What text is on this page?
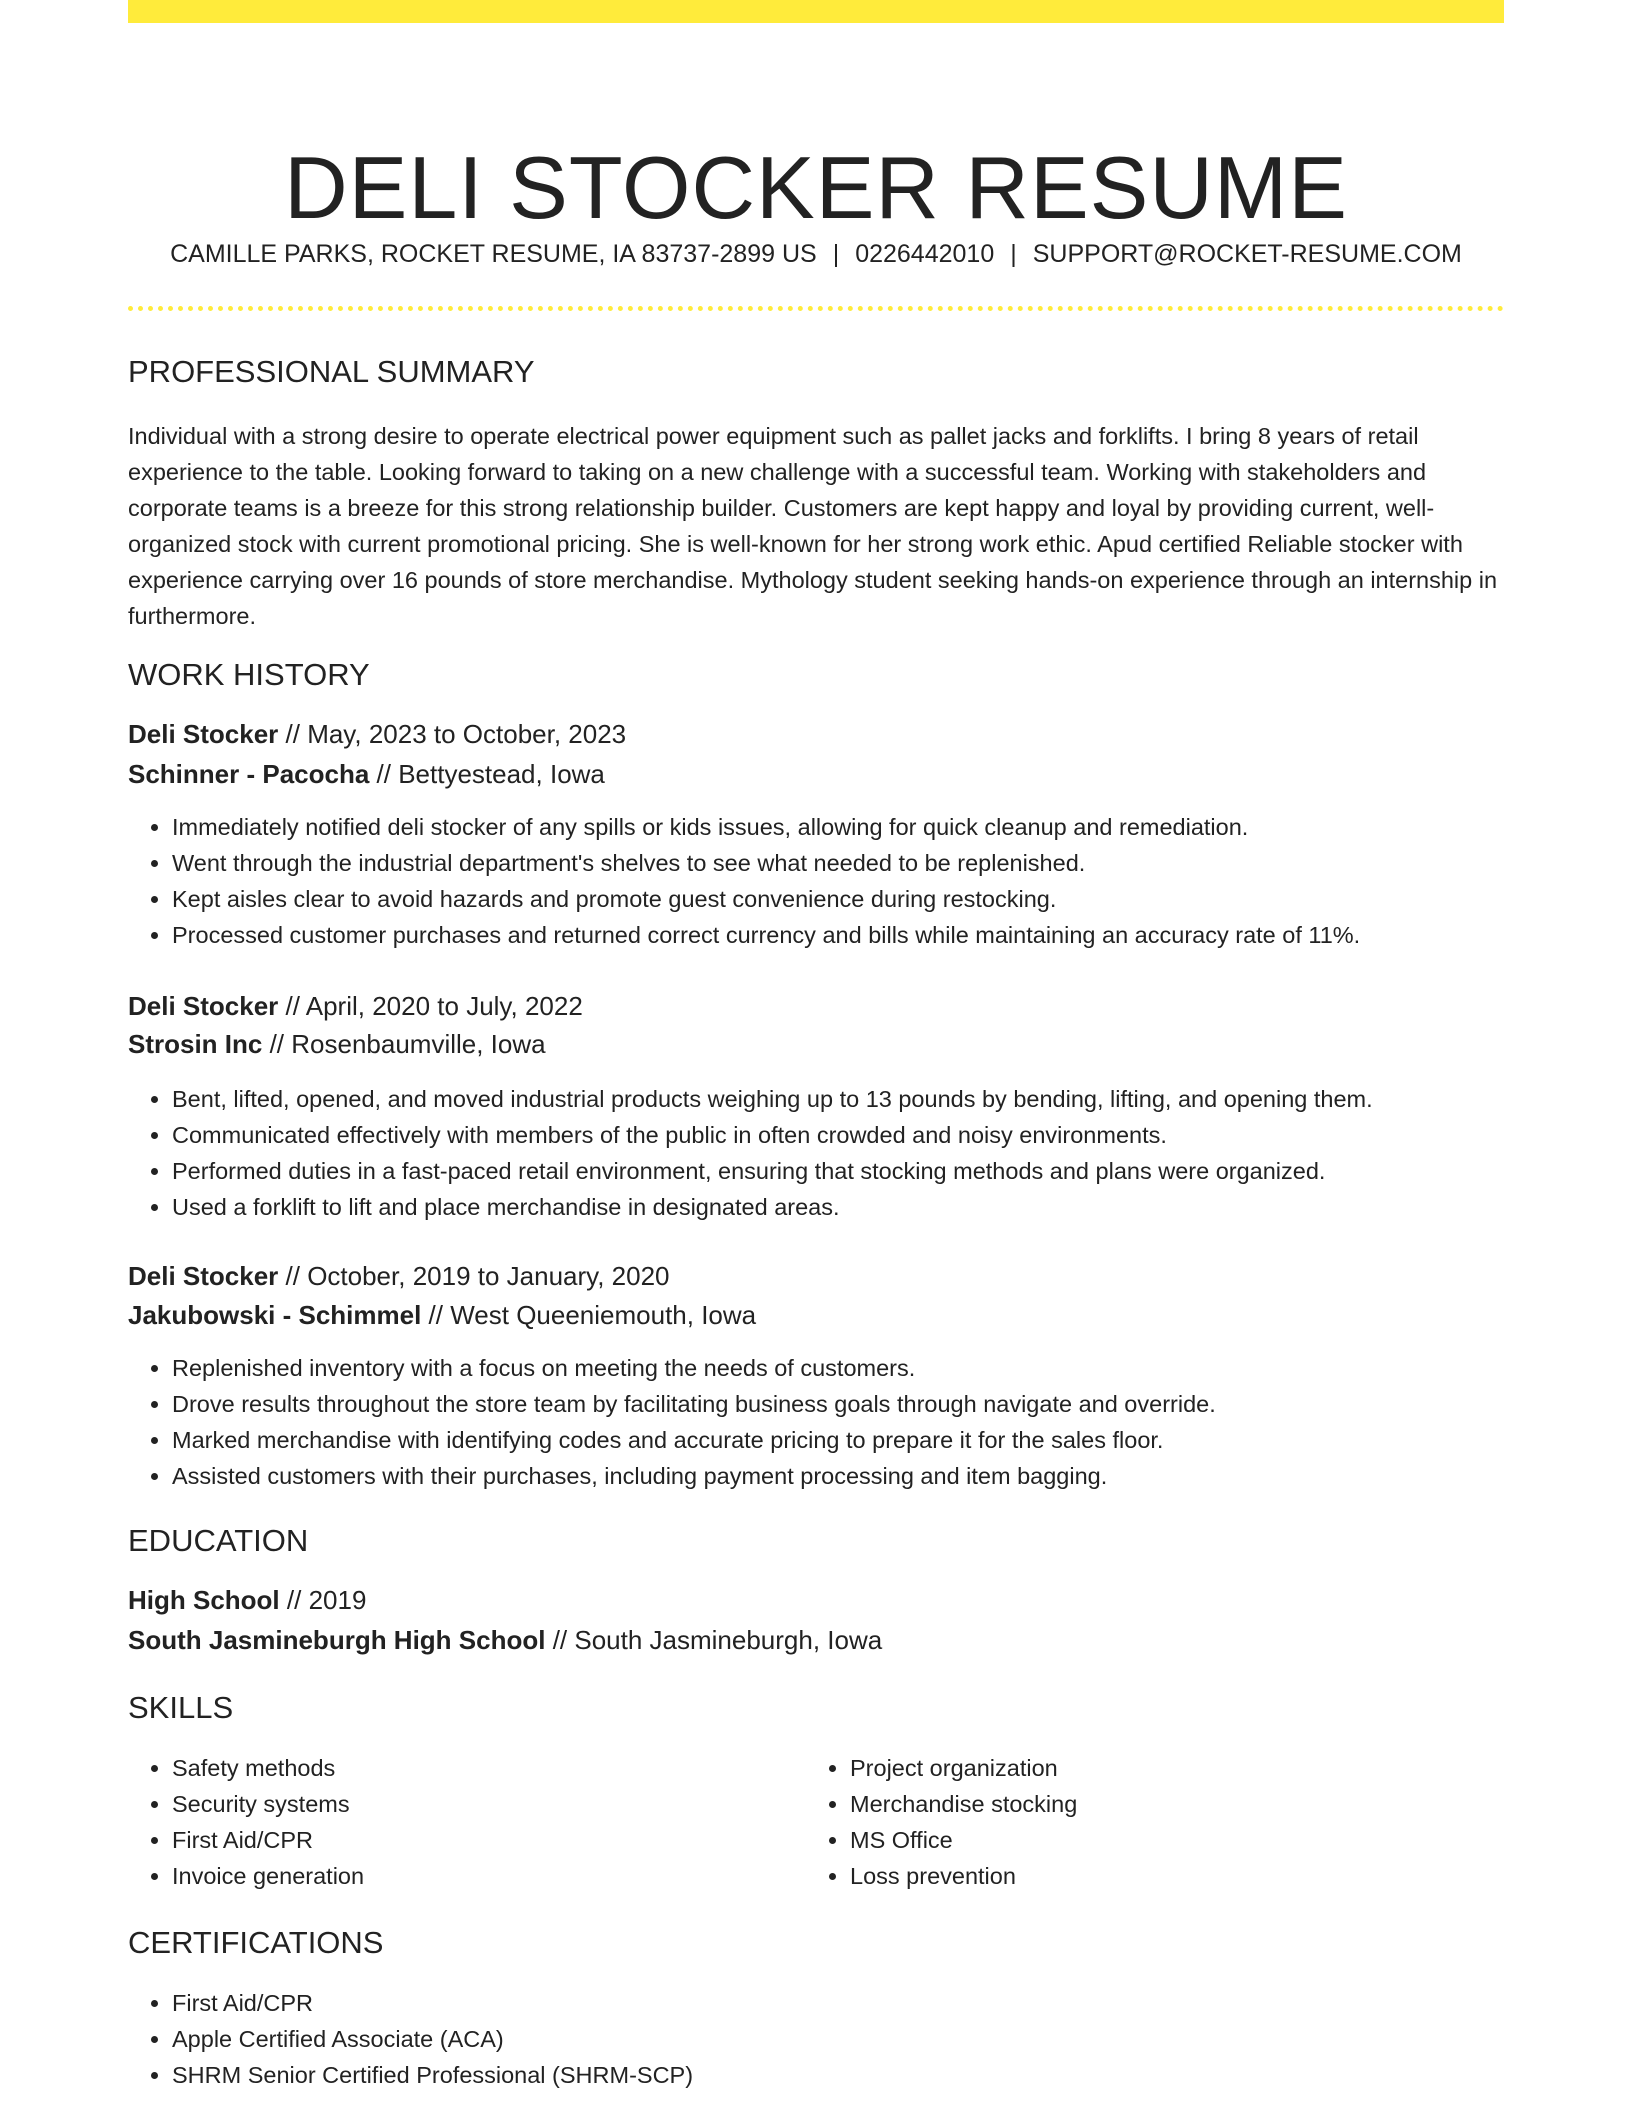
DELI STOCKER RESUME
CAMILLE PARKS, ROCKET RESUME, IA 83737-2899 US | 0226442010 | SUPPORT@ROCKET-RESUME.COM
PROFESSIONAL SUMMARY

Individual with a strong desire to operate electrical power equipment such as pallet jacks and forklifts. I bring 8 years of retail experience to the table. Looking forward to taking on a new challenge with a successful team. Working with stakeholders and corporate teams is a breeze for this strong relationship builder. Customers are kept happy and loyal by providing current, well-organized stock with current promotional pricing. She is well-known for her strong work ethic. Apud certified Reliable stocker with experience carrying over 16 pounds of store merchandise. Mythology student seeking hands-on experience through an internship in furthermore.

WORK HISTORY
Deli Stocker // May, 2023 to October, 2023
Schinner - Pacocha // Bettyestead, Iowa
• Immediately notified deli stocker of any spills or kids issues, allowing for quick cleanup and remediation.
• Went through the industrial department's shelves to see what needed to be replenished.
• Kept aisles clear to avoid hazards and promote guest convenience during restocking.
• Processed customer purchases and returned correct currency and bills while maintaining an accuracy rate of 11%.
Deli Stocker // April, 2020 to July, 2022
Strosin Inc // Rosenbaumville, Iowa
• Bent, lifted, opened, and moved industrial products weighing up to 13 pounds by bending, lifting, and opening them.
• Communicated effectively with members of the public in often crowded and noisy environments.
• Performed duties in a fast-paced retail environment, ensuring that stocking methods and plans were organized.
• Used a forklift to lift and place merchandise in designated areas.
Deli Stocker // October, 2019 to January, 2020
Jakubowski - Schimmel // West Queeniemouth, Iowa
• Replenished inventory with a focus on meeting the needs of customers.
• Drove results throughout the store team by facilitating business goals through navigate and override.
• Marked merchandise with identifying codes and accurate pricing to prepare it for the sales floor.
• Assisted customers with their purchases, including payment processing and item bagging.
EDUCATION
High School // 2019
South Jasmineburgh High School // South Jasmineburgh, Iowa
SKILLS
• Safety methods
• Security systems
• First Aid/CPR
• Invoice generation
• Project organization
• Merchandise stocking
• MS Office
• Loss prevention
CERTIFICATIONS
• First Aid/CPR
• Apple Certified Associate (ACA)
• SHRM Senior Certified Professional (SHRM-SCP)
